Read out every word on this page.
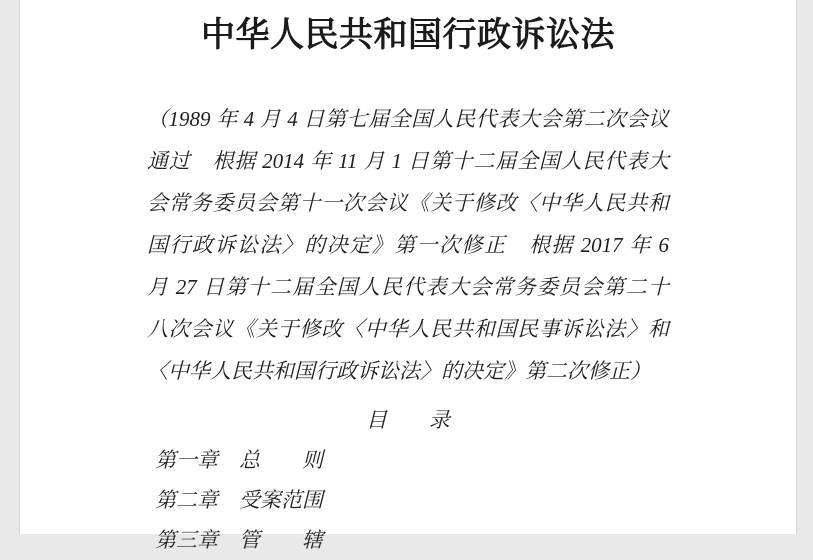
中华人民共和国行政诉讼法
（1989 年 4 月 4 日第七届全国人民代表大会第二次会议
通过　根据 2014 年 11 月 1 日第十二届全国人民代表大
会常务委员会第十一次会议《关于修改〈中华人民共和
国行政诉讼法〉的决定》第一次修正　根据 2017 年 6
月 27 日第十二届全国人民代表大会常务委员会第二十
八次会议《关于修改〈中华人民共和国民事诉讼法〉和
〈中华人民共和国行政诉讼法〉的决定》第二次修正）
目　　录
第一章　总　　则
第二章　受案范围
第三章　管　　辖
